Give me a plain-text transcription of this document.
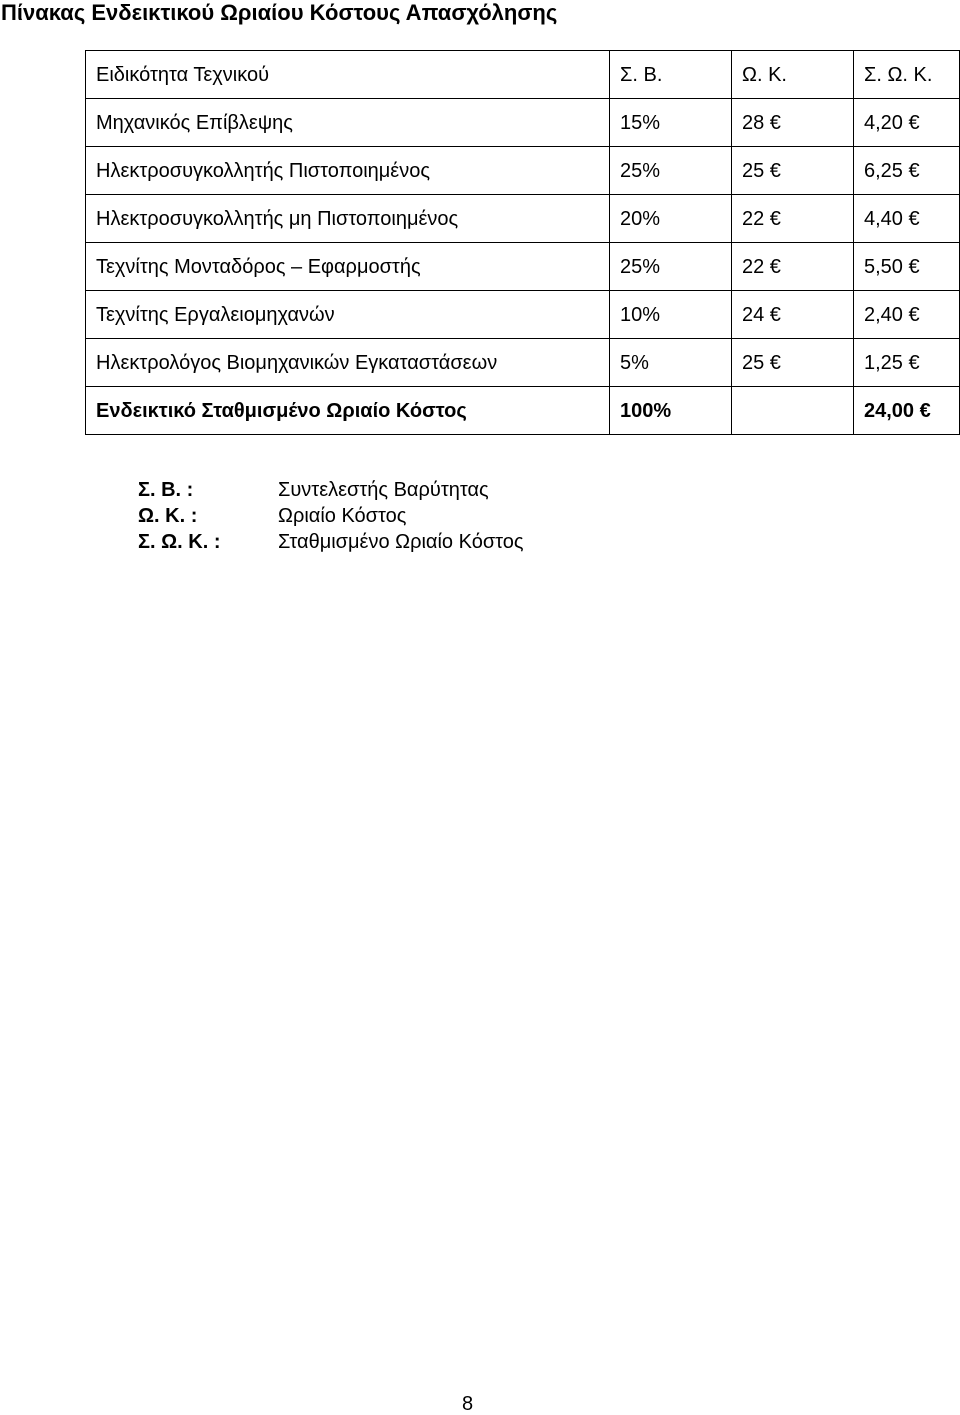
Πίνακας Ενδεικτικού Ωριαίου Κόστους Απασχόλησης
Ειδικότητα Τεχνικού	Σ. Β.	Ω. Κ.	Σ. Ω. Κ.
Μηχανικός Επίβλεψης	15%	28 €	4,20 €
Ηλεκτροσυγκολλητής Πιστοποιημένος	25%	25 €	6,25 €
Ηλεκτροσυγκολλητής μη Πιστοποιημένος	20%	22 €	4,40 €
Τεχνίτης Μονταδόρος – Εφαρμοστής	25%	22 €	5,50 €
Τεχνίτης Εργαλειομηχανών	10%	24 €	2,40 €
Ηλεκτρολόγος Βιομηχανικών Εγκαταστάσεων	5%	25 €	1,25 €
Ενδεικτικό Σταθμισμένο Ωριαίο Κόστος	100%		24,00 €
Σ. Β. :	Συντελεστής Βαρύτητας
Ω. Κ. :	Ωριαίο Κόστος
Σ. Ω. Κ. :	Σταθμισμένο Ωριαίο Κόστος
8
